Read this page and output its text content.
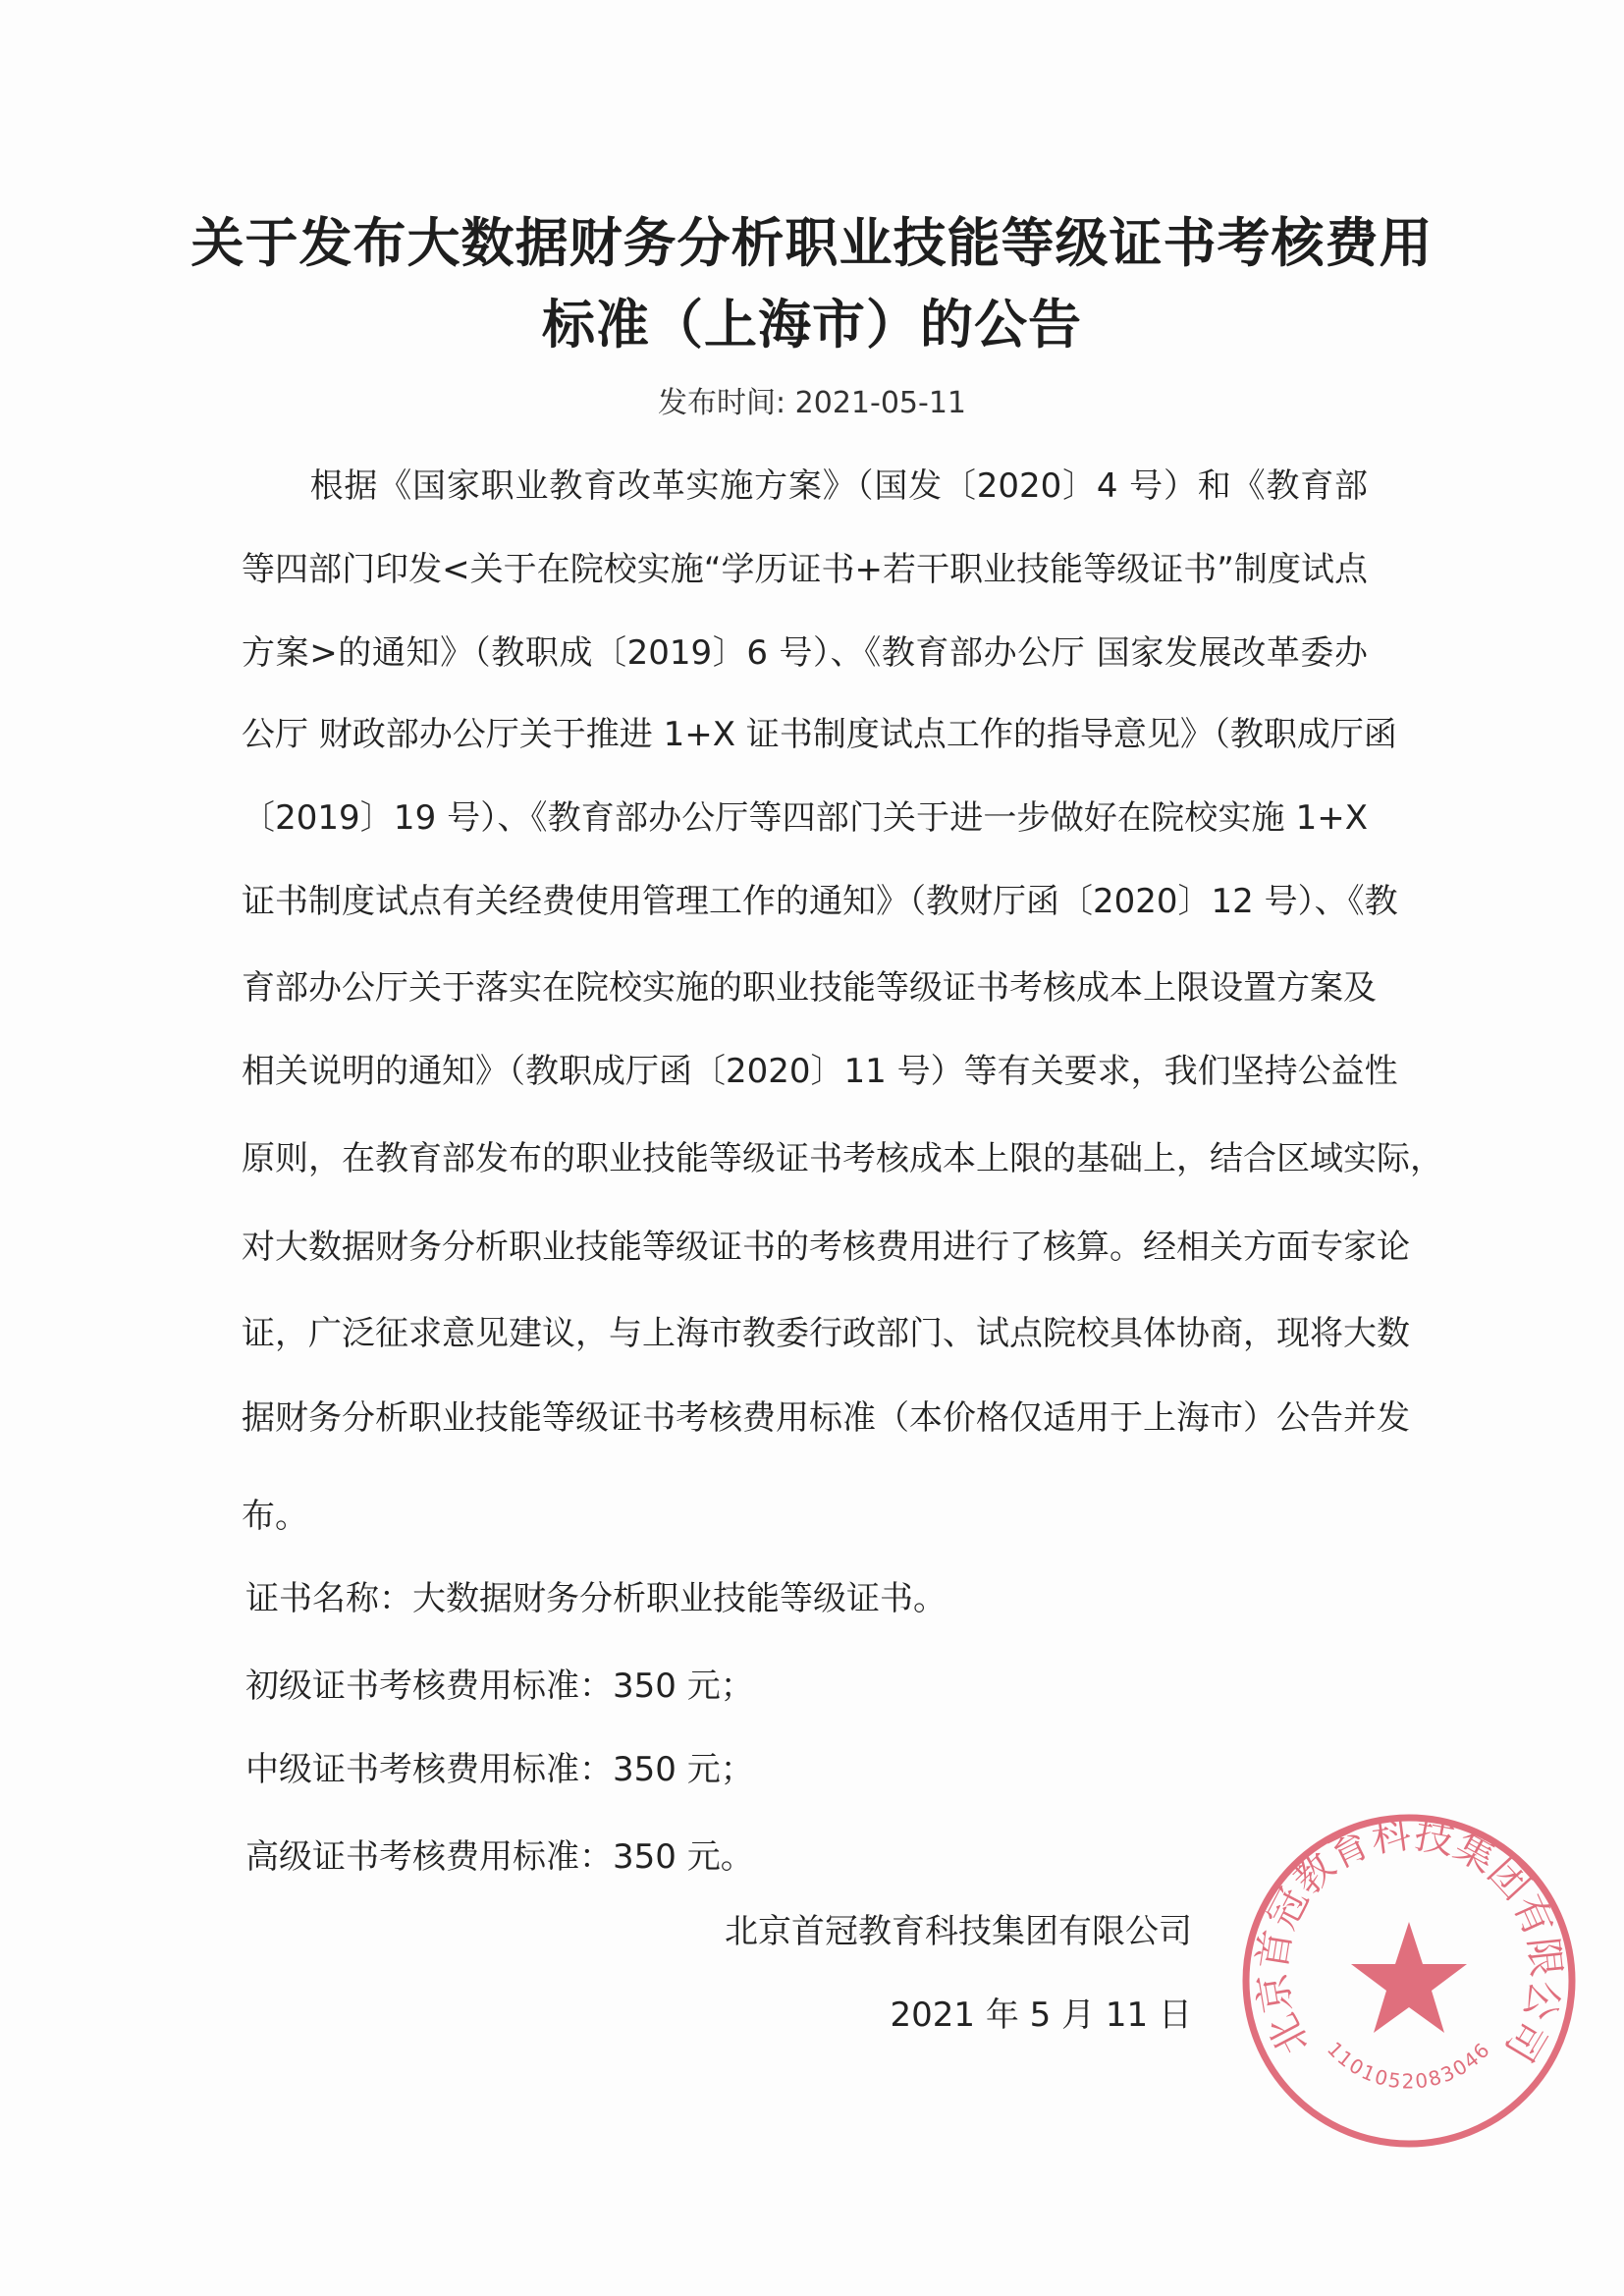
关于发布大数据财务分析职业技能等级证书考核费用
标准（上海市）的公告
发布时间: 2021-05-11
　　根据《国家职业教育改革实施方案》（国发〔2020〕4 号）和《教育部
等四部门印发<关于在院校实施“学历证书+若干职业技能等级证书”制度试点
方案>的通知》（教职成〔2019〕6 号）、《教育部办公厅 国家发展改革委办
公厅 财政部办公厅关于推进 1+X 证书制度试点工作的指导意见》（教职成厅函
〔2019〕19 号）、《教育部办公厅等四部门关于进一步做好在院校实施 1+X
证书制度试点有关经费使用管理工作的通知》（教财厅函〔2020〕12 号）、《教
育部办公厅关于落实在院校实施的职业技能等级证书考核成本上限设置方案及
相关说明的通知》（教职成厅函〔2020〕11 号）等有关要求，我们坚持公益性
原则，在教育部发布的职业技能等级证书考核成本上限的基础上，结合区域实际，
对大数据财务分析职业技能等级证书的考核费用进行了核算。经相关方面专家论
证，广泛征求意见建议，与上海市教委行政部门、试点院校具体协商，现将大数
据财务分析职业技能等级证书考核费用标准（本价格仅适用于上海市）公告并发
布。
证书名称：大数据财务分析职业技能等级证书。
初级证书考核费用标准：350 元；
中级证书考核费用标准：350 元；
高级证书考核费用标准：350 元。
北京首冠教育科技集团有限公司
2021 年 5 月 11 日 北京首冠教育科技集团有限公司
1101052083046
